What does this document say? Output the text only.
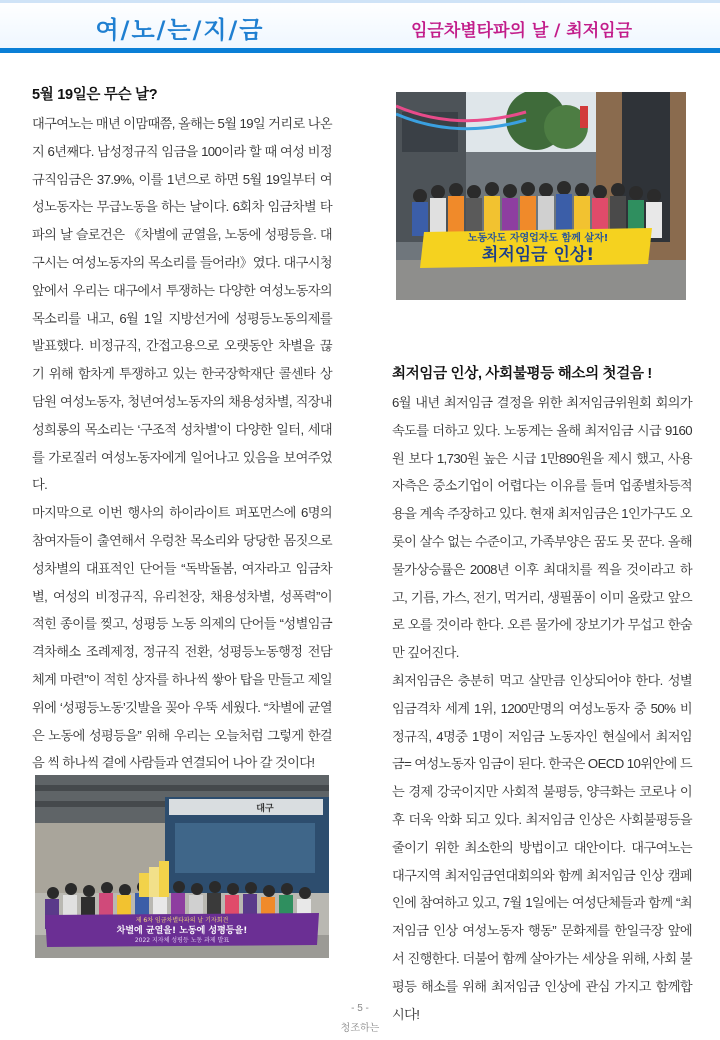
여/노/는/지/금	임금차별타파의 날 / 최저임금

5월 19일은 무슨 날?

대구여노는 매년 이맘때쯤, 올해는 5월 19일 거리로 나온 지 6년째다. 남성정규직 임금을 100이라 할 때 여성 비정규직임금은 37.9%, 이를 1년으로 하면 5월 19일부터 여성노동자는 무급노동을 하는 날이다. 6회차 임금차별 타파의 날 슬로건은 《차별에 균열을, 노동에 성평등을. 대구시는 여성노동자의 목소리를 들어라!》였다. 대구시청 앞에서 우리는 대구에서 투쟁하는 다양한 여성노동자의 목소리를 내고, 6월 1일 지방선거에 성평등노동의제를 발표했다. 비정규직, 간접고용으로 오랫동안 차별을 끊기 위해 함차게 투쟁하고 있는 한국장학재단 콜센타 상담원 여성노동자, 청년여성노동자의 채용성차별, 직장내 성희롱의 목소리는 ‘구조적 성차별’이 다양한 일터, 세대를 가로질러 여성노동자에게 일어나고 있음을 보여주었다.

마지막으로 이번 행사의 하이라이트 퍼포먼스에 6명의 참여자들이 출연해서 우렁찬 목소리와 당당한 몸짓으로 성차별의 대표적인 단어들 “독박돌봄, 여자라고 임금차별, 여성의 비정규직, 유리천장, 채용성차별, 성폭력”이 적힌 종이를 찢고, 성평등 노동 의제의 단어들 “성별임금격차해소 조례제정, 정규직 전환, 성평등노동행정 전담 체계 마련”이 적힌 상자를 하나씩 쌓아 탑을 만들고 제일 위에 ‘성평등노동’깃발을 꽂아 우뚝 세웠다. “차별에 균열은 노동에 성평등을” 위해 우리는 오늘처럼 그렇게 한걸음 씩 하나씩 곁에 사람들과 연결되어 나아 갈 것이다!

노동자도 자영업자도 함께 살자!
최저임금 인상!

최저임금 인상, 사회불평등 해소의 첫걸음 !

6월 내년 최저임금 결정을 위한 최저임금위원회 회의가 속도를 더하고 있다. 노동계는 올해 최저임금 시급 9160원 보다 1,730원 높은 시급 1만890원을 제시 했고, 사용자측은 중소기업이 어렵다는 이유를 들며 업종별차등적용을 계속 주장하고 있다. 현재 최저임금은 1인가구도 오롯이 살수 없는 수준이고, 가족부양은 꿈도 못 꾼다. 올해 물가상승률은 2008년 이후 최대치를 찍을 것이라고 하고, 기름, 가스, 전기, 먹거리, 생필품이 이미 올랐고 앞으로 오를 것이라 한다. 오른 물가에 장보기가 무섭고 한숨만 깊어진다.

최저임금은 충분히 먹고 살만큼 인상되어야 한다. 성별임금격차 세계 1위, 1200만명의 여성노동자 중 50% 비정규직, 4명중 1명이 저임금 노동자인 현실에서 최저임금= 여성노동자 임금이 된다. 한국은 OECD 10위안에 드는 경제 강국이지만 사회적 불평등, 양극화는 코로나 이후 더욱 악화 되고 있다. 최저임금 인상은 사회불평등을 줄이기 위한 최소한의 방법이고 대안이다. 대구여노는 대구지역 최저임금연대회의와 함께 최저임금 인상 캠페인에 참여하고 있고, 7월 1일에는 여성단체들과 함께 “최저임금 인상 여성노동자 행동” 문화제를 한일극장 앞에서 진행한다. 더불어 함께 살아가는 세상을 위해, 사회 불평등 해소를 위해 최저임금 인상에 관심 가지고 함께합시다!

대구
제 6차 임금차별타파의 날 기자회견
차별에 균열을! 노동에 성평등을!
2022 지자체 성평등 노동 과제 발표
- 5 -
청조하는
